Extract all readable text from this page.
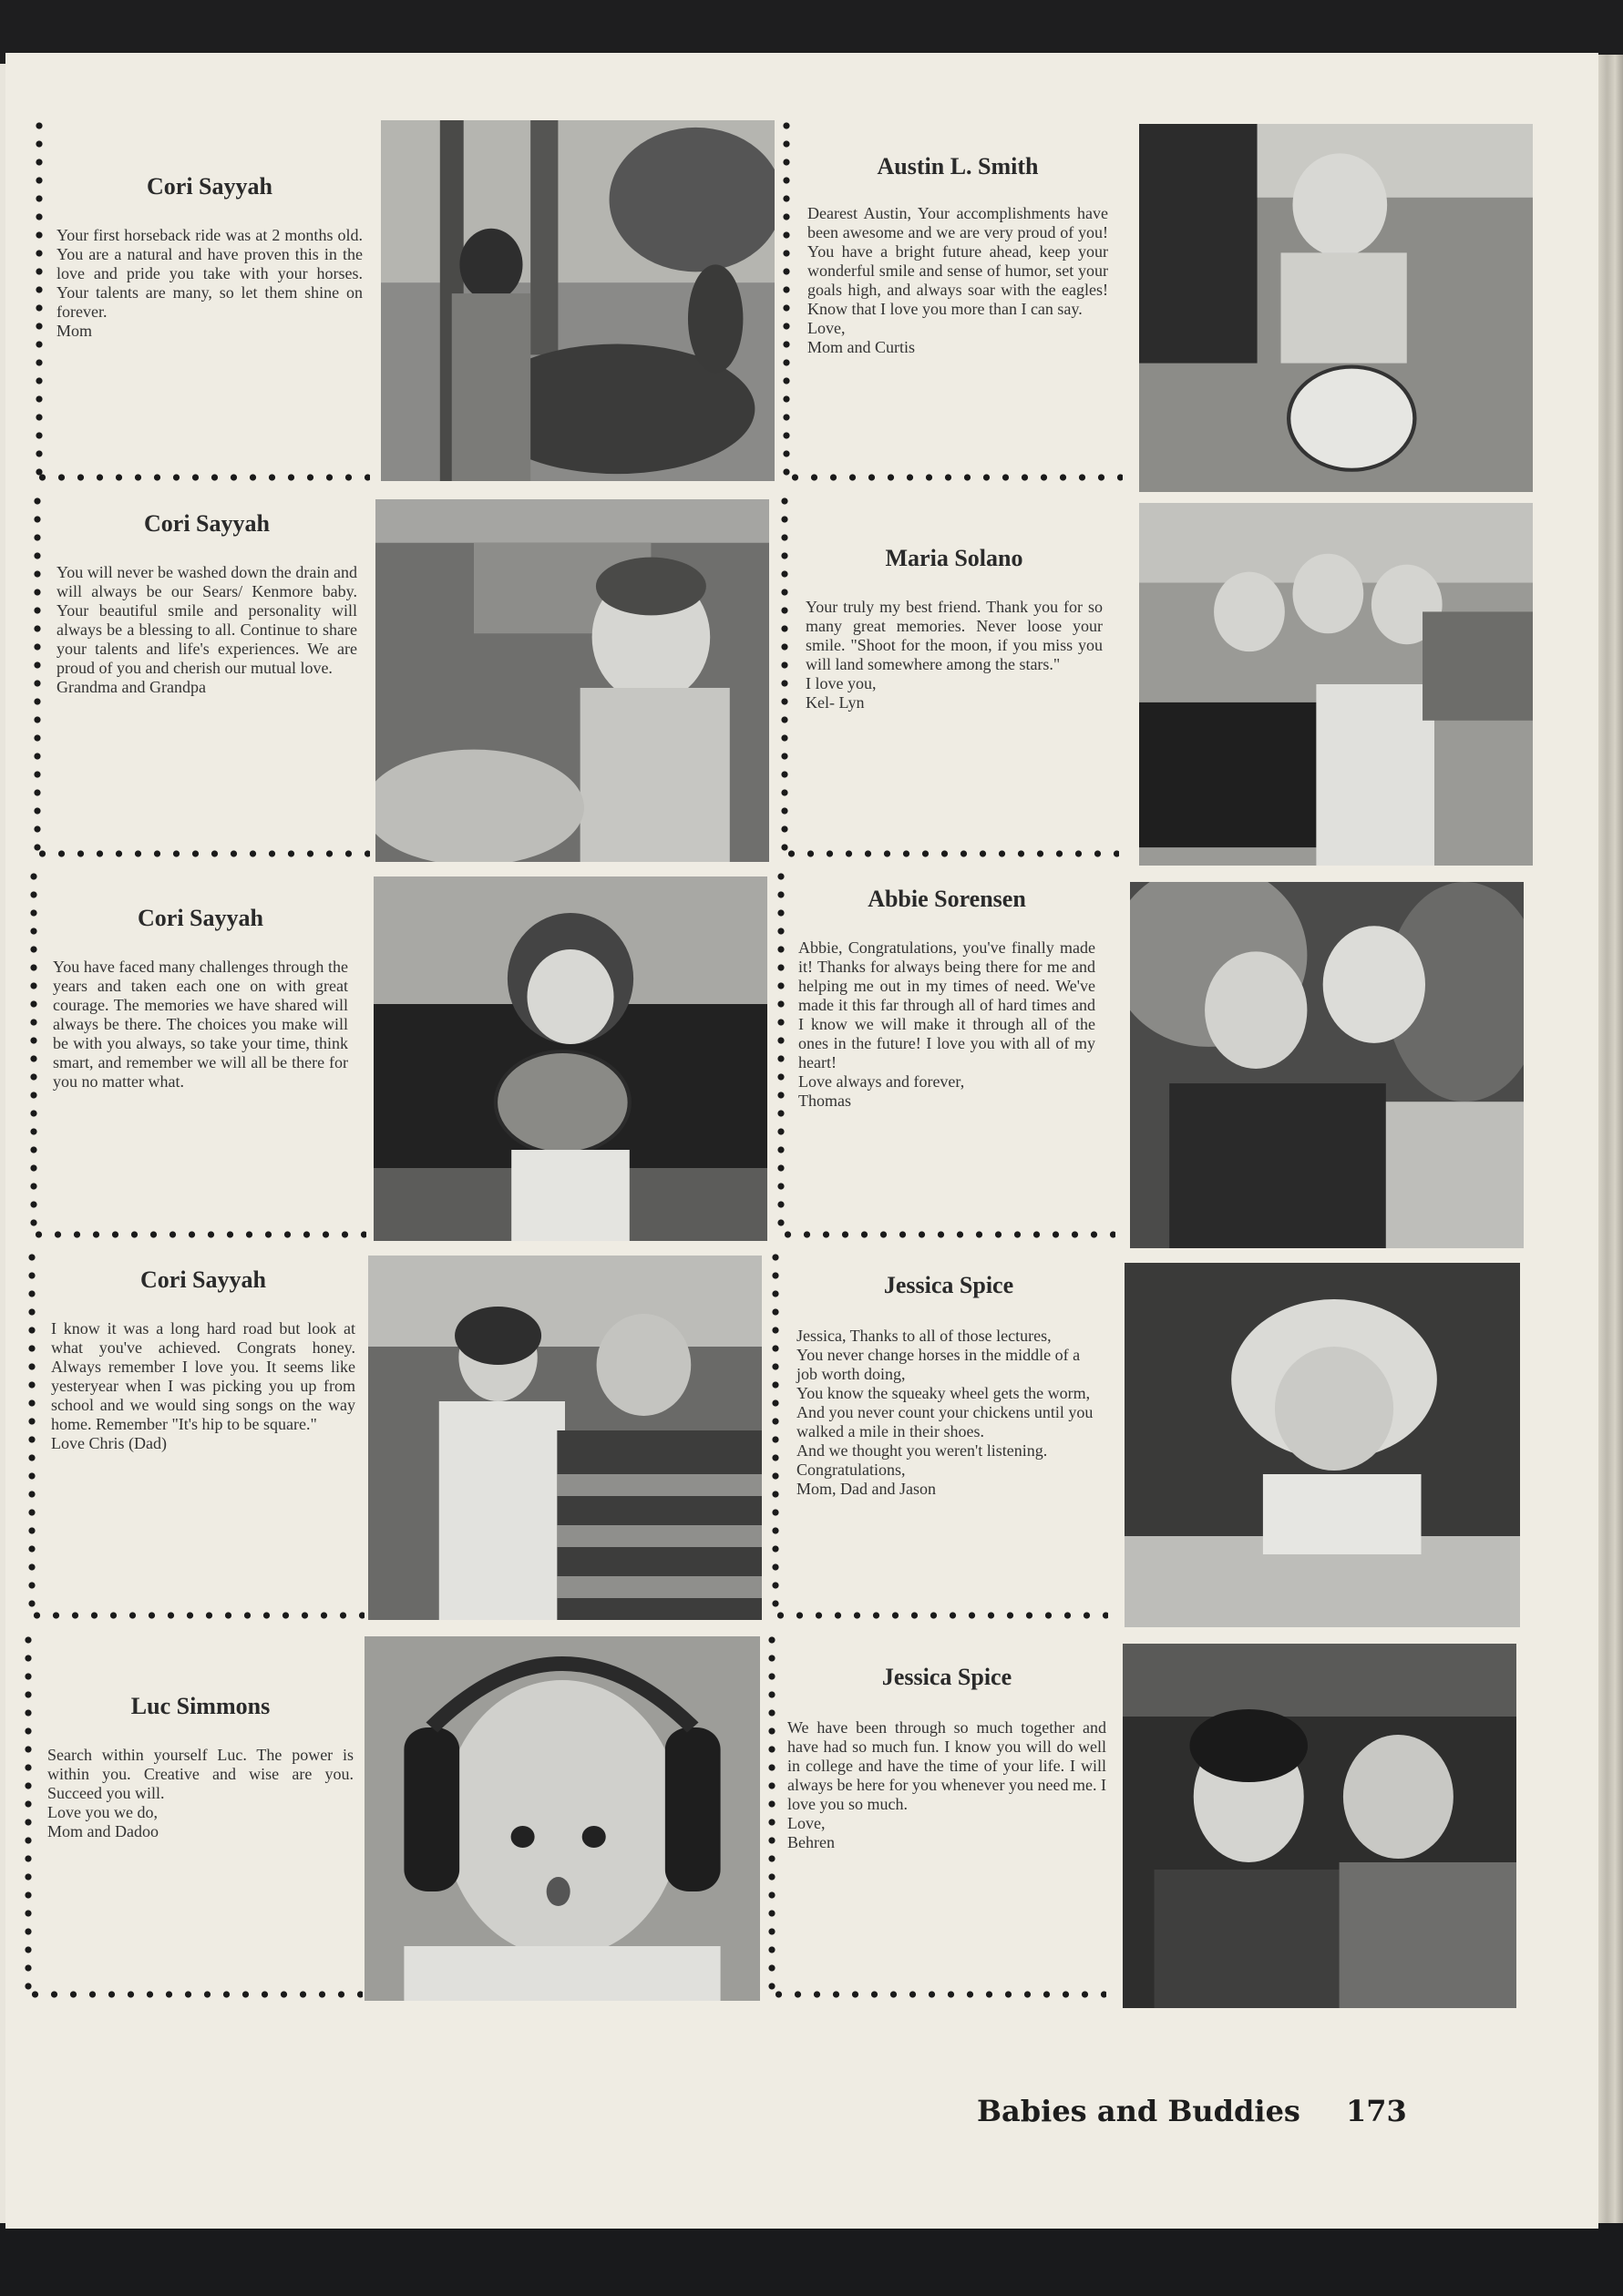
Cori Sayyah
Your first horseback ride was at 2 months old. You are a natural and have proven this in the love and pride you take with your horses. Your talents are many, so let them shine on forever.
Mom
Austin L. Smith
Dearest Austin, Your accomplishments have been awesome and we are very proud of you! You have a bright future ahead, keep your wonderful smile and sense of humor, set your goals high, and always soar with the eagles! Know that I love you more than I can say.
Love,
Mom and Curtis
Cori Sayyah
You will never be washed down the drain and will always be our Sears/ Kenmore baby. Your beautiful smile and personality will always be a blessing to all. Continue to share your talents and life's experiences. We are proud of you and cherish our mutual love.
Grandma and Grandpa
Maria Solano
Your truly my best friend. Thank you for so many great memories. Never loose your smile. "Shoot for the moon, if you miss you will land somewhere among the stars."
I love you,
Kel- Lyn
Cori Sayyah
You have faced many challenges through the years and taken each one on with great courage. The memories we have shared will always be there. The choices you make will be with you always, so take your time, think smart, and remember we will all be there for you no matter what.
Abbie Sorensen
Abbie, Congratulations, you've finally made it! Thanks for always being there for me and helping me out in my times of need. We've made it this far through all of hard times and I know we will make it through all of the ones in the future! I love you with all of my heart!
Love always and forever,
Thomas
Cori Sayyah
I know it was a long hard road but look at what you've achieved. Congrats honey. Always remember I love you. It seems like yesteryear when I was picking you up from school and we would sing songs on the way home. Remember "It's hip to be square."
Love Chris (Dad)
Jessica Spice
Jessica, Thanks to all of those lectures,
You never change horses in the middle of a job worth doing,
You know the squeaky wheel gets the worm,
And you never count your chickens until you walked a mile in their shoes.
And we thought you weren't listening.
Congratulations,
Mom, Dad and Jason
Luc Simmons
Search within yourself Luc. The power is within you. Creative and wise are you. Succeed you will.
Love you we do,
Mom and Dadoo
Jessica Spice
We have been through so much together and have had so much fun. I know you will do well in college and have the time of your life. I will always be here for you whenever you need me. I love you so much.
Love,
Behren
Babies and Buddies 173
